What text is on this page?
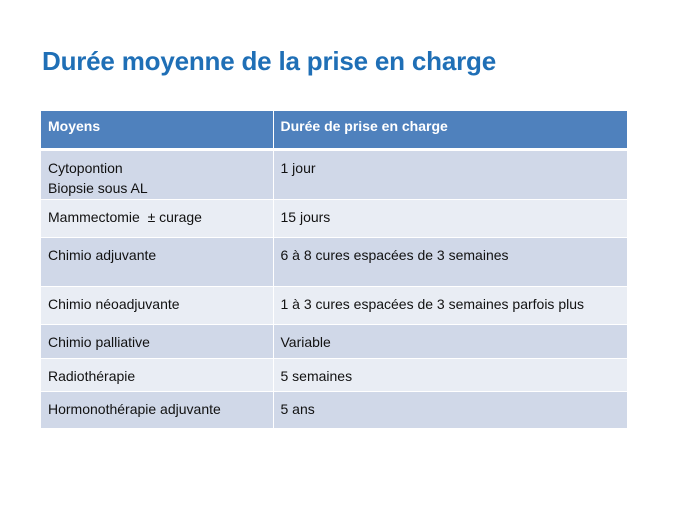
Durée moyenne de la prise en charge
Moyens	Durée de prise en charge

Cytopontion
Biopsie sous AL	1 jour

Mammectomie  ± curage	15 jours

Chimio adjuvante	6 à 8 cures espacées de 3 semaines

Chimio néoadjuvante	1 à 3 cures espacées de 3 semaines parfois plus

Chimio palliative	Variable

Radiothérapie	5 semaines

Hormonothérapie adjuvante	5 ans
